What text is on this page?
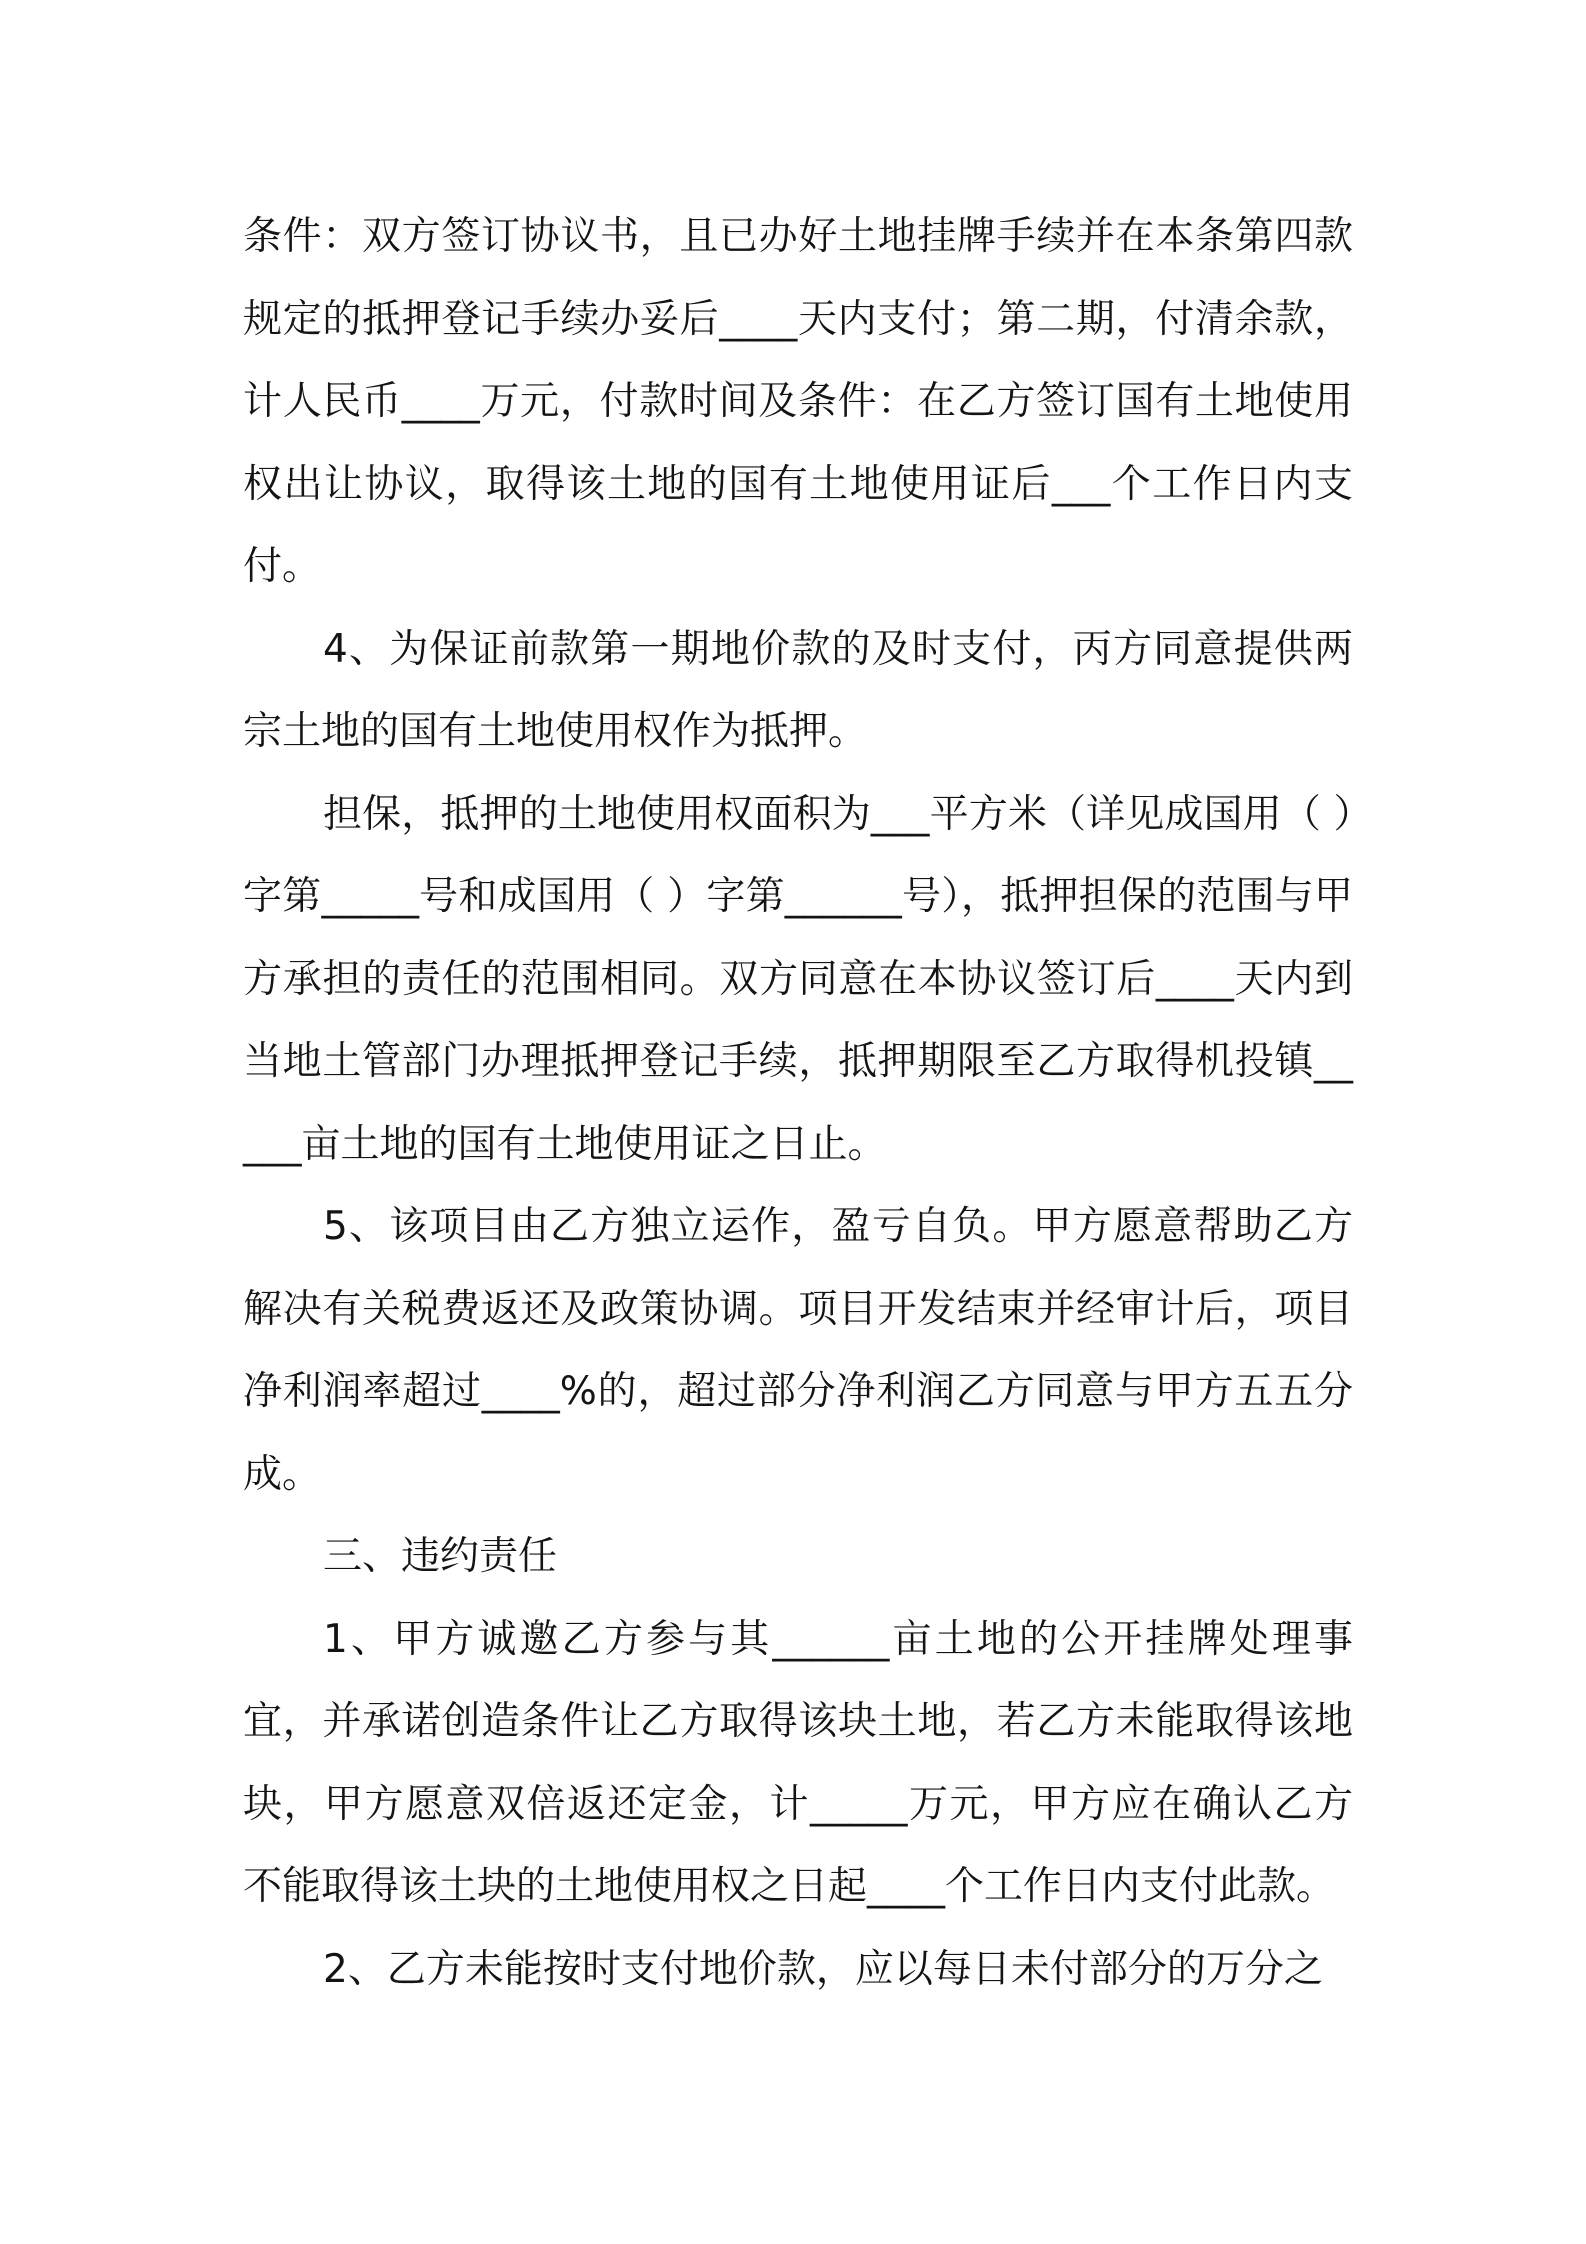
条件：双方签订协议书，且已办好土地挂牌手续并在本条第四款规定的抵押登记手续办妥后____天内支付；第二期，付清余款，计人民币____万元，付款时间及条件：在乙方签订国有土地使用权出让协议，取得该土地的国有土地使用证后___个工作日内支付。

4、为保证前款第一期地价款的及时支付，丙方同意提供两宗土地的国有土地使用权作为抵押。

担保，抵押的土地使用权面积为___平方米（详见成国用（ ）字第_____号和成国用（ ）字第______号），抵押担保的范围与甲方承担的责任的范围相同。双方同意在本协议签订后____天内到当地土管部门办理抵押登记手续，抵押期限至乙方取得机投镇_____亩土地的国有土地使用证之日止。

5、该项目由乙方独立运作，盈亏自负。甲方愿意帮助乙方解决有关税费返还及政策协调。项目开发结束并经审计后，项目净利润率超过____%的，超过部分净利润乙方同意与甲方五五分成。

三、违约责任

1、甲方诚邀乙方参与其______亩土地的公开挂牌处理事宜，并承诺创造条件让乙方取得该块土地，若乙方未能取得该地块，甲方愿意双倍返还定金，计_____万元，甲方应在确认乙方不能取得该土块的土地使用权之日起____个工作日内支付此款。

2、乙方未能按时支付地价款，应以每日未付部分的万分之
